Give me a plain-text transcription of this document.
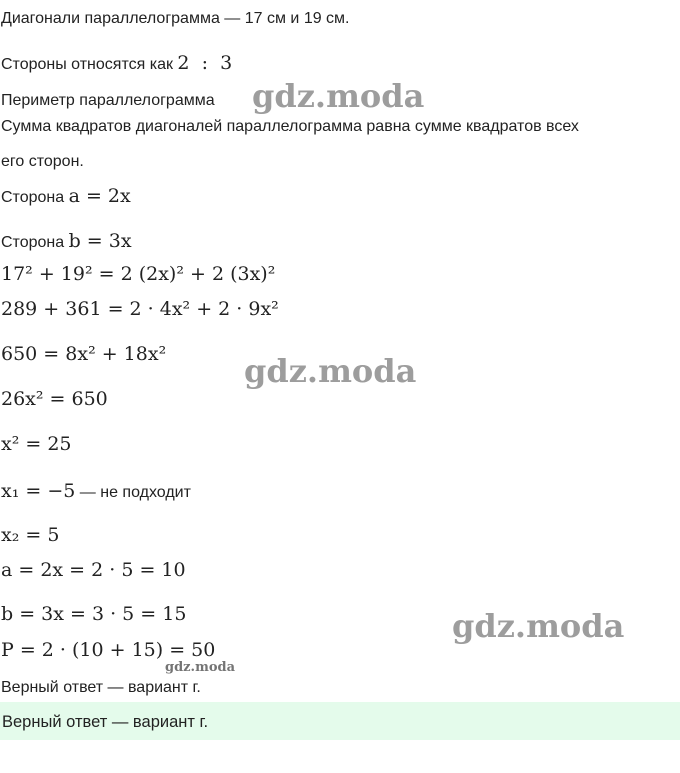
Диагонали параллелограмма — 17 см и 19 см.
Стороны относятся как 2  :  3
Периметр параллелограмма
Сумма квадратов диагоналей параллелограмма равна сумме квадратов всех
его сторон.
Сторона a = 2x
Сторона b = 3x
17² + 19² = 2 (2x)² + 2 (3x)²
289 + 361 = 2 · 4x² + 2 · 9x²
650 = 8x² + 18x²
26x² = 650
x² = 25
x₁ = −5 — не подходит
x₂ = 5
a = 2x = 2 · 5 = 10
b = 3x = 3 · 5 = 15
P = 2 · (10 + 15) = 50
Верный ответ — вариант г.
Верный ответ — вариант г.
gdz.moda
gdz.moda
gdz.moda
gdz.moda
